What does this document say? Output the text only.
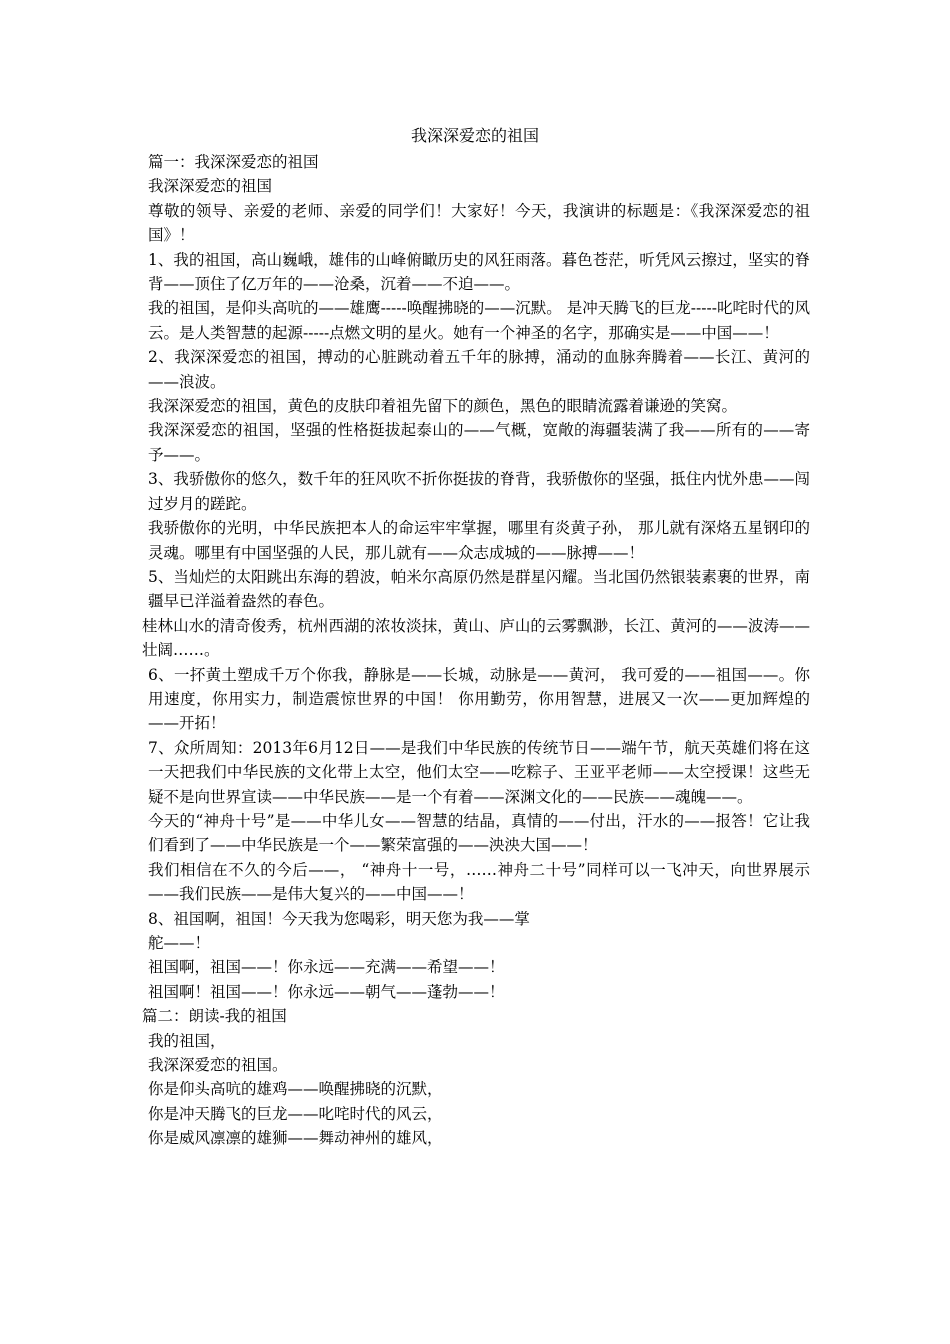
我深深爱恋的祖国

篇一：我深深爱恋的祖国

我深深爱恋的祖国

尊敬的领导、亲爱的老师、亲爱的同学们！大家好！今天，我演讲的标题是：《我深深爱恋的祖国》！

1、我的祖国，高山巍峨，雄伟的山峰俯瞰历史的风狂雨落。暮色苍茫，听凭风云擦过，坚实的脊背——顶住了亿万年的——沧桑，沉着——不迫——。

我的祖国，是仰头高吭的——雄鹰-----唤醒拂晓的——沉默。 是冲天腾飞的巨龙-----叱咤时代的风云。是人类智慧的起源-----点燃文明的星火。她有一个神圣的名字，那确实是——中国——！

2、我深深爱恋的祖国，搏动的心脏跳动着五千年的脉搏，涌动的血脉奔腾着——长江、黄河的——浪波。

我深深爱恋的祖国，黄色的皮肤印着祖先留下的颜色，黑色的眼睛流露着谦逊的笑窝。

我深深爱恋的祖国，坚强的性格挺拔起泰山的——气概，宽敞的海疆装满了我——所有的——寄予——。

3、我骄傲你的悠久，数千年的狂风吹不折你挺拔的脊背，我骄傲你的坚强，抵住内忧外患——闯过岁月的蹉跎。

我骄傲你的光明，中华民族把本人的命运牢牢掌握，哪里有炎黄子孙， 那儿就有深烙五星钢印的灵魂。哪里有中国坚强的人民，那儿就有——众志成城的——脉搏——！

5、当灿烂的太阳跳出东海的碧波，帕米尔高原仍然是群星闪耀。当北国仍然银装素裹的世界，南疆早已洋溢着盎然的春色。

桂林山水的清奇俊秀，杭州西湖的浓妆淡抹，黄山、庐山的云雾飘渺，长江、黄河的——波涛——壮阔……。

6、一抔黄土塑成千万个你我，静脉是——长城，动脉是——黄河， 我可爱的——祖国——。你用速度，你用实力，制造震惊世界的中国！ 你用勤劳，你用智慧，进展又一次——更加辉煌的——开拓！

7、众所周知：2013年6月12日——是我们中华民族的传统节日——端午节，航天英雄们将在这一天把我们中华民族的文化带上太空，他们太空——吃粽子、王亚平老师——太空授课！这些无疑不是向世界宣读——中华民族——是一个有着——深渊文化的——民族——魂魄——。

今天的“神舟十号”是——中华儿女——智慧的结晶，真情的——付出，汗水的——报答！它让我们看到了——中华民族是一个——繁荣富强的——泱泱大国——！

我们相信在不久的今后——， “神舟十一号，……神舟二十号”同样可以一飞冲天，向世界展示——我们民族——是伟大复兴的——中国——！

8、祖国啊，祖国！今天我为您喝彩，明天您为我——掌

舵——！

祖国啊，祖国——！你永远——充满——希望——！

祖国啊！祖国——！你永远——朝气——蓬勃——！

篇二：朗读-我的祖国

我的祖国，

我深深爱恋的祖国。

你是仰头高吭的雄鸡——唤醒拂晓的沉默，

你是冲天腾飞的巨龙——叱咤时代的风云，

你是威风凛凛的雄狮——舞动神州的雄风，
